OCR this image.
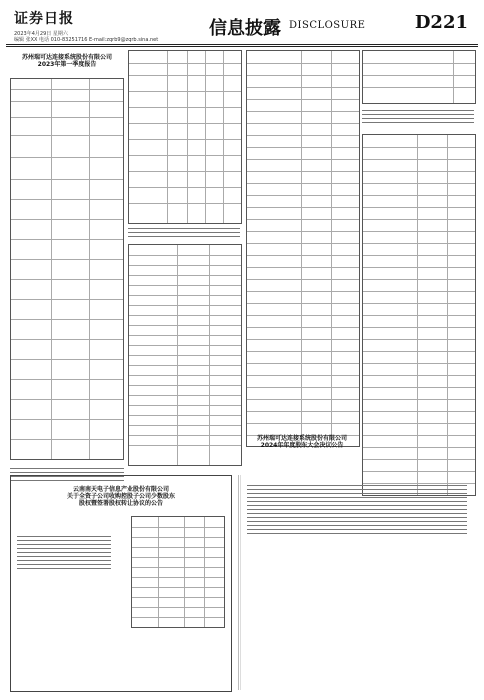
证券日报
2023年4月29日 星期六
编辑 张XX 电话 010-83251716 E-mail:zqrb9@zqrb.sina.net
信息披露 DISCLOSURE	D221
苏州瑞可达连接系统股份有限公司
2023年第一季度报告
苏州瑞可达连接系统股份有限公司
2024年年度股东大会决议公告
云南南天电子信息产业股份有限公司
关于全资子公司收购控股子公司少数股东
股权暨签署股权转让协议的公告
